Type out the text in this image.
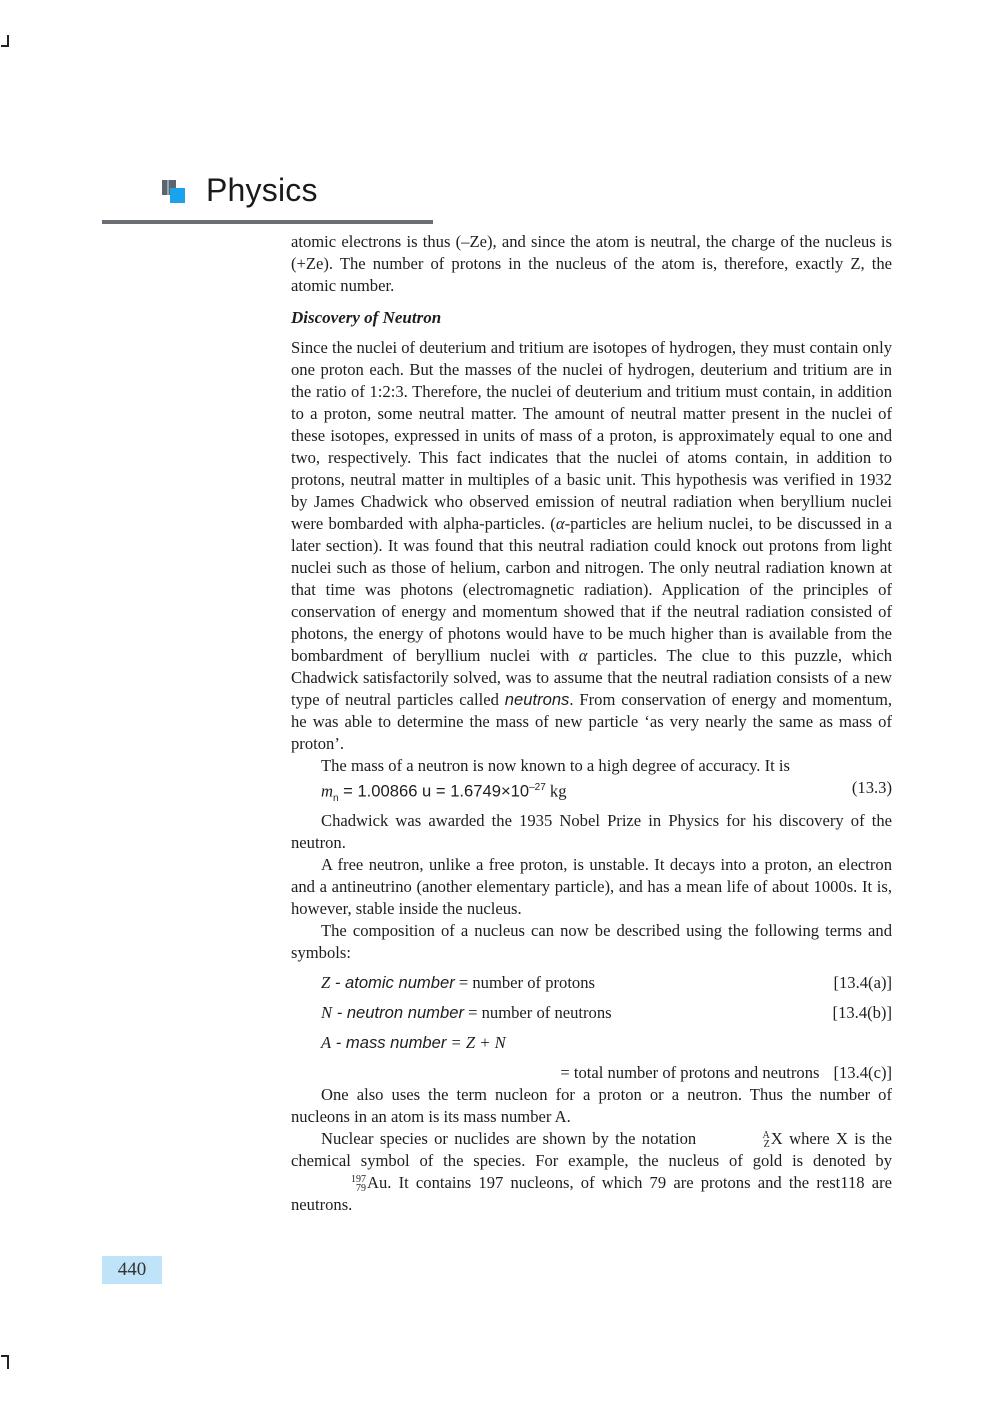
Physics

atomic electrons is thus (–Ze), and since the atom is neutral, the charge of the nucleus is (+Ze). The number of protons in the nucleus of the atom is, therefore, exactly Z, the atomic number.

Discovery of Neutron

Since the nuclei of deuterium and tritium are isotopes of hydrogen, they must contain only one proton each. But the masses of the nuclei of hydrogen, deuterium and tritium are in the ratio of 1:2:3. Therefore, the nuclei of deuterium and tritium must contain, in addition to a proton, some neutral matter. The amount of neutral matter present in the nuclei of these isotopes, expressed in units of mass of a proton, is approximately equal to one and two, respectively. This fact indicates that the nuclei of atoms contain, in addition to protons, neutral matter in multiples of a basic unit. This hypothesis was verified in 1932 by James Chadwick who observed emission of neutral radiation when beryllium nuclei were bombarded with alpha-particles. (α-particles are helium nuclei, to be discussed in a later section). It was found that this neutral radiation could knock out protons from light nuclei such as those of helium, carbon and nitrogen. The only neutral radiation known at that time was photons (electromagnetic radiation). Application of the principles of conservation of energy and momentum showed that if the neutral radiation consisted of photons, the energy of photons would have to be much higher than is available from the bombardment of beryllium nuclei with α particles. The clue to this puzzle, which Chadwick satisfactorily solved, was to assume that the neutral radiation consists of a new type of neutral particles called neutrons. From conservation of energy and momentum, he was able to determine the mass of new particle ‘as very nearly the same as mass of proton’.

The mass of a neutron is now known to a high degree of accuracy. It is

$m_n = 1.00866$ $u = 1.6749\times 10^{-27}$ kg	(13.3)

Chadwick was awarded the 1935 Nobel Prize in Physics for his discovery of the neutron.

A free neutron, unlike a free proton, is unstable. It decays into a proton, an electron and a antineutrino (another elementary particle), and has a mean life of about 1000s. It is, however, stable inside the nucleus.

The composition of a nucleus can now be described using the following terms and symbols:

Z - atomic number = number of protons	[13.4(a)]
N - neutron number = number of neutrons	[13.4(b)]
A - mass number = Z + N
= total number of protons and neutrons [13.4(c)]

One also uses the term nucleon for a proton or a neutron. Thus the number of nucleons in an atom is its mass number A.

Nuclear species or nuclides are shown by the notation	A
Z X where X is the chemical symbol of the species. For example, the nucleus of gold is denoted by
197
79 Au. It contains 197 nucleons, of which 79 are protons and the rest118 are neutrons.

440
